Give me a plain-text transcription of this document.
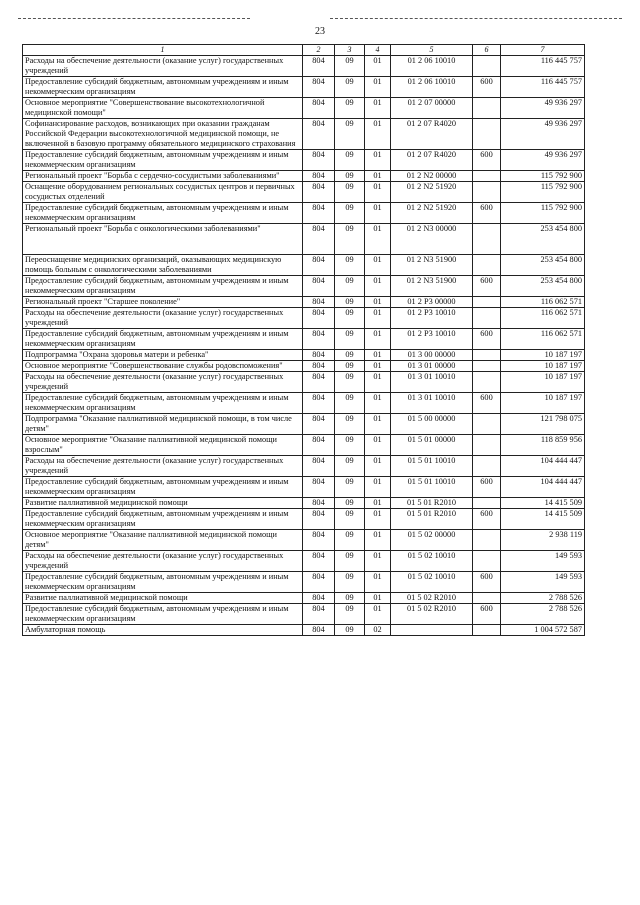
23
1	2	3	4	5	6	7
Расходы на обеспечение деятельности (оказание услуг) государственных учреждений	804	09	01	01 2 06 10010		116 445 757
Предоставление субсидий бюджетным, автономным учреждениям и иным некоммерческим организациям	804	09	01	01 2 06 10010	600	116 445 757
Основное мероприятие "Совершенствование высокотехнологичной медицинской помощи"	804	09	01	01 2 07 00000		49 936 297
Софинансирование расходов, возникающих при оказании гражданам Российской Федерации высокотехнологичной медицинской помощи, не включенной в базовую программу обязательного медицинского страхования	804	09	01	01 2 07 R4020		49 936 297
Предоставление субсидий бюджетным, автономным учреждениям и иным некоммерческим организациям	804	09	01	01 2 07 R4020	600	49 936 297
Региональный проект "Борьба с сердечно-сосудистыми заболеваниями"	804	09	01	01 2 N2 00000		115 792 900
Оснащение оборудованием региональных сосудистых центров и первичных сосудистых отделений	804	09	01	01 2 N2 51920		115 792 900
Предоставление субсидий бюджетным, автономным учреждениям и иным некоммерческим организациям	804	09	01	01 2 N2 51920	600	115 792 900
Региональный проект "Борьба с онкологическими заболеваниями"	804	09	01	01 2 N3 00000		253 454 800
Переоснащение медицинских организаций, оказывающих медицинскую помощь больным с онкологическими заболеваниями	804	09	01	01 2 N3 51900		253 454 800
Предоставление субсидий бюджетным, автономным учреждениям и иным некоммерческим организациям	804	09	01	01 2 N3 51900	600	253 454 800
Региональный проект "Старшее поколение"	804	09	01	01 2 P3 00000		116 062 571
Расходы на обеспечение деятельности (оказание услуг) государственных учреждений	804	09	01	01 2 P3 10010		116 062 571
Предоставление субсидий бюджетным, автономным учреждениям и иным некоммерческим организациям	804	09	01	01 2 P3 10010	600	116 062 571
Подпрограмма "Охрана здоровья матери и ребенка"	804	09	01	01 3 00 00000		10 187 197
Основное мероприятие "Совершенствование службы родовспоможения"	804	09	01	01 3 01 00000		10 187 197
Расходы на обеспечение деятельности (оказание услуг) государственных учреждений	804	09	01	01 3 01 10010		10 187 197
Предоставление субсидий бюджетным, автономным учреждениям и иным некоммерческим организациям	804	09	01	01 3 01 10010	600	10 187 197
Подпрограмма "Оказание паллиативной медицинской помощи, в том числе детям"	804	09	01	01 5 00 00000		121 798 075
Основное мероприятие "Оказание паллиативной медицинской помощи взрослым"	804	09	01	01 5 01 00000		118 859 956
Расходы на обеспечение деятельности (оказание услуг) государственных учреждений	804	09	01	01 5 01 10010		104 444 447
Предоставление субсидий бюджетным, автономным учреждениям и иным некоммерческим организациям	804	09	01	01 5 01 10010	600	104 444 447
Развитие паллиативной медицинской помощи	804	09	01	01 5 01 R2010		14 415 509
Предоставление субсидий бюджетным, автономным учреждениям и иным некоммерческим организациям	804	09	01	01 5 01 R2010	600	14 415 509
Основное мероприятие "Оказание паллиативной медицинской помощи детям"	804	09	01	01 5 02 00000		2 938 119
Расходы на обеспечение деятельности (оказание услуг) государственных учреждений	804	09	01	01 5 02 10010		149 593
Предоставление субсидий бюджетным, автономным учреждениям и иным некоммерческим организациям	804	09	01	01 5 02 10010	600	149 593
Развитие паллиативной медицинской помощи	804	09	01	01 5 02 R2010		2 788 526
Предоставление субсидий бюджетным, автономным учреждениям и иным некоммерческим организациям	804	09	01	01 5 02 R2010	600	2 788 526
Амбулаторная помощь	804	09	02			1 004 572 587
